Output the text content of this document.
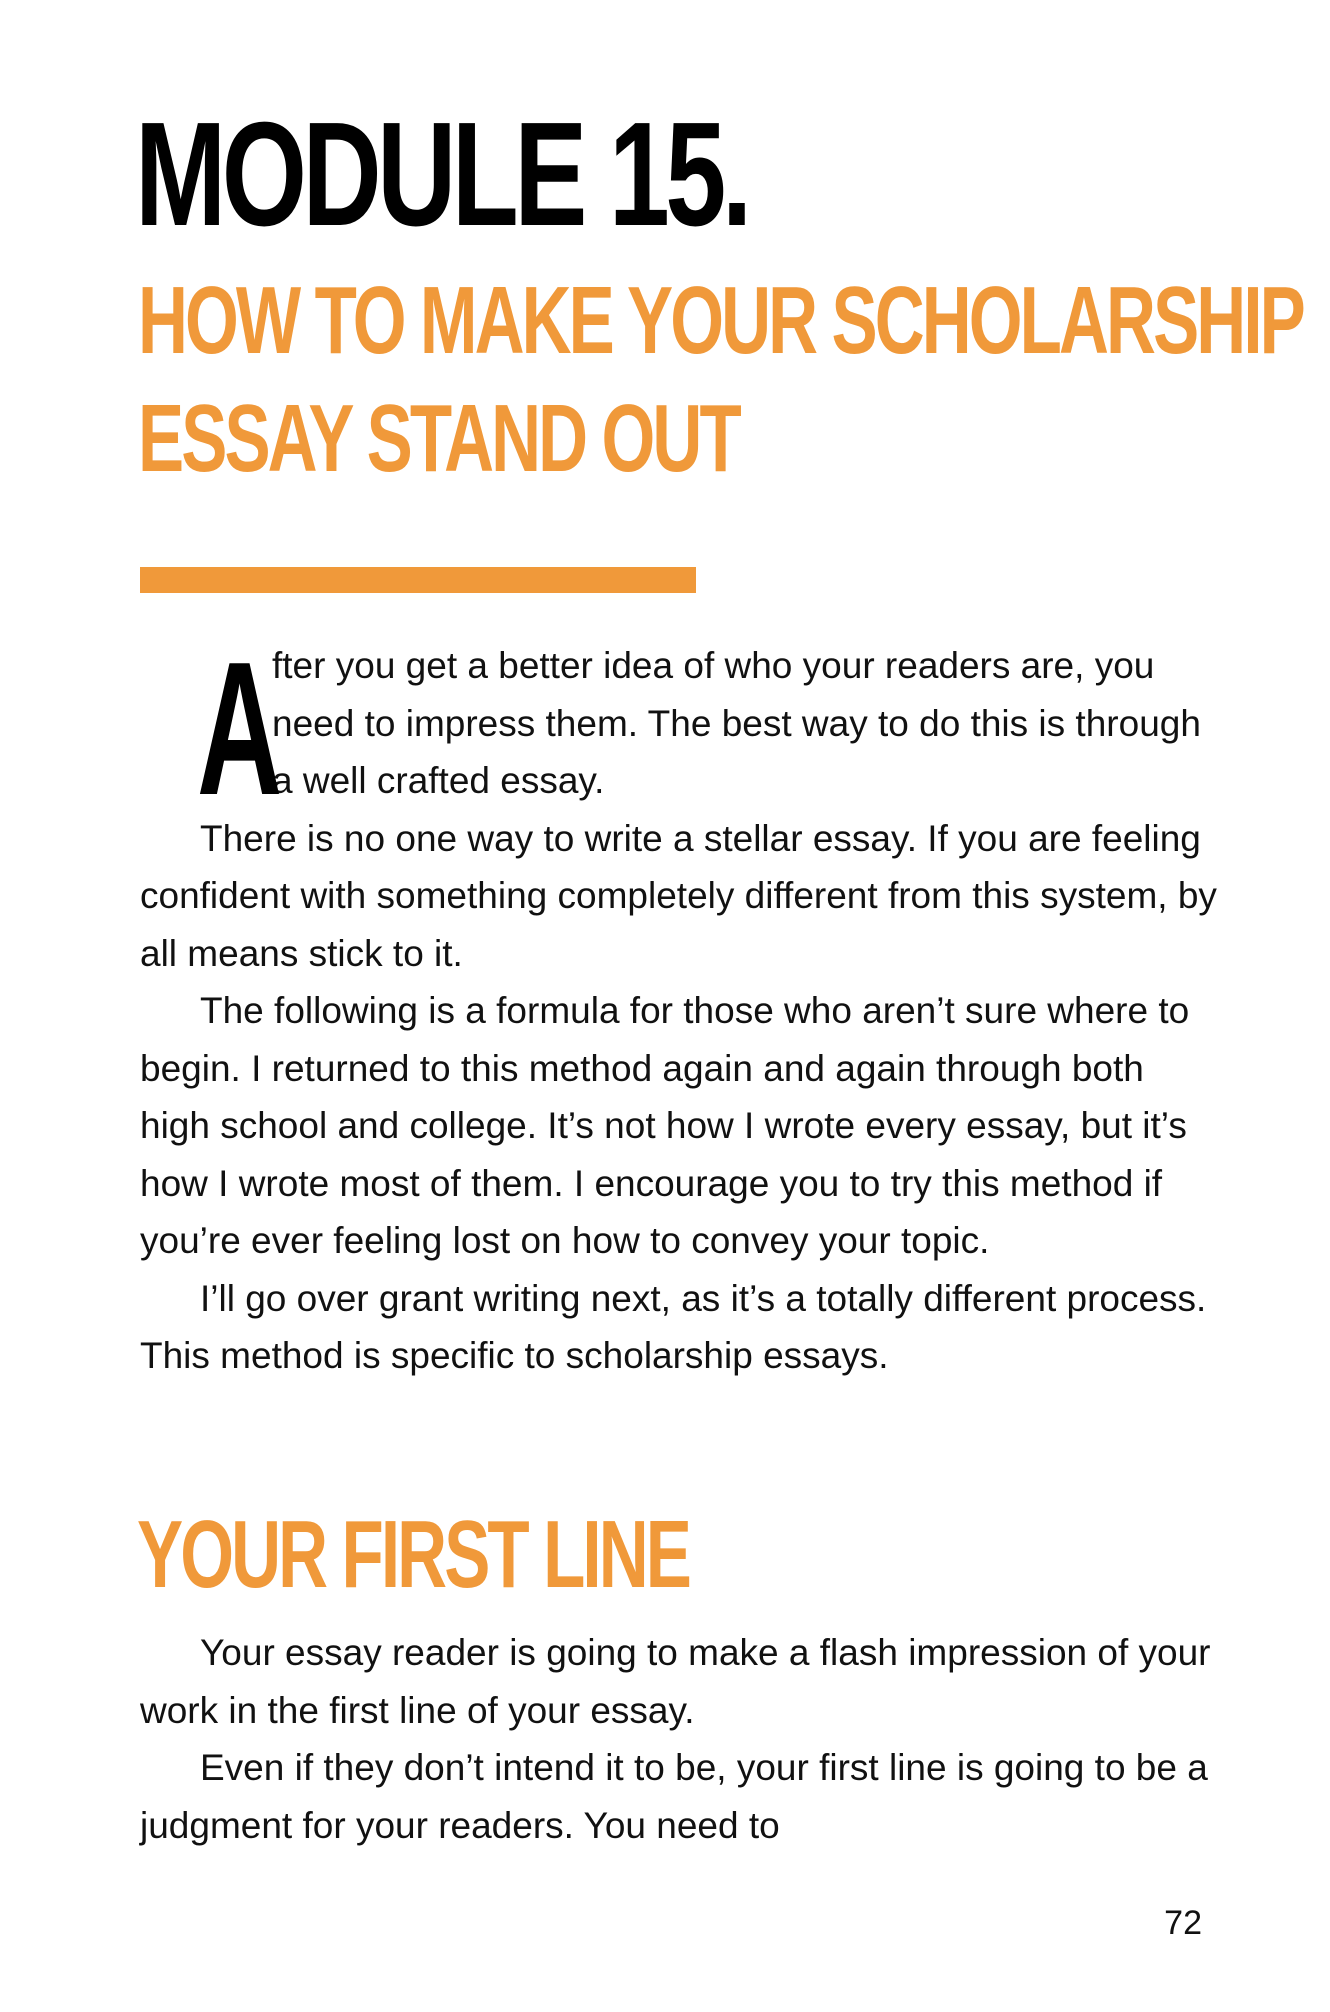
MODULE 15.
HOW TO MAKE YOUR SCHOLARSHIP
ESSAY STAND OUT
A

fter you get a better idea of who your readers are, you need to impress them. The best way to do this is through a well crafted essay.

There is no one way to write a stellar essay. If you are feeling confident with something completely different from this system, by all means stick to it.

The following is a formula for those who aren’t sure where to begin. I returned to this method again and again through both high school and college. It’s not how I wrote every essay, but it’s how I wrote most of them. I encourage you to try this method if you’re ever feeling lost on how to convey your topic.

I’ll go over grant writing next, as it’s a totally different process. This method is specific to scholarship essays.

YOUR FIRST LINE

Your essay reader is going to make a flash impression of your work in the first line of your essay.

Even if they don’t intend it to be, your first line is going to be a judgment for your readers. You need to

72
